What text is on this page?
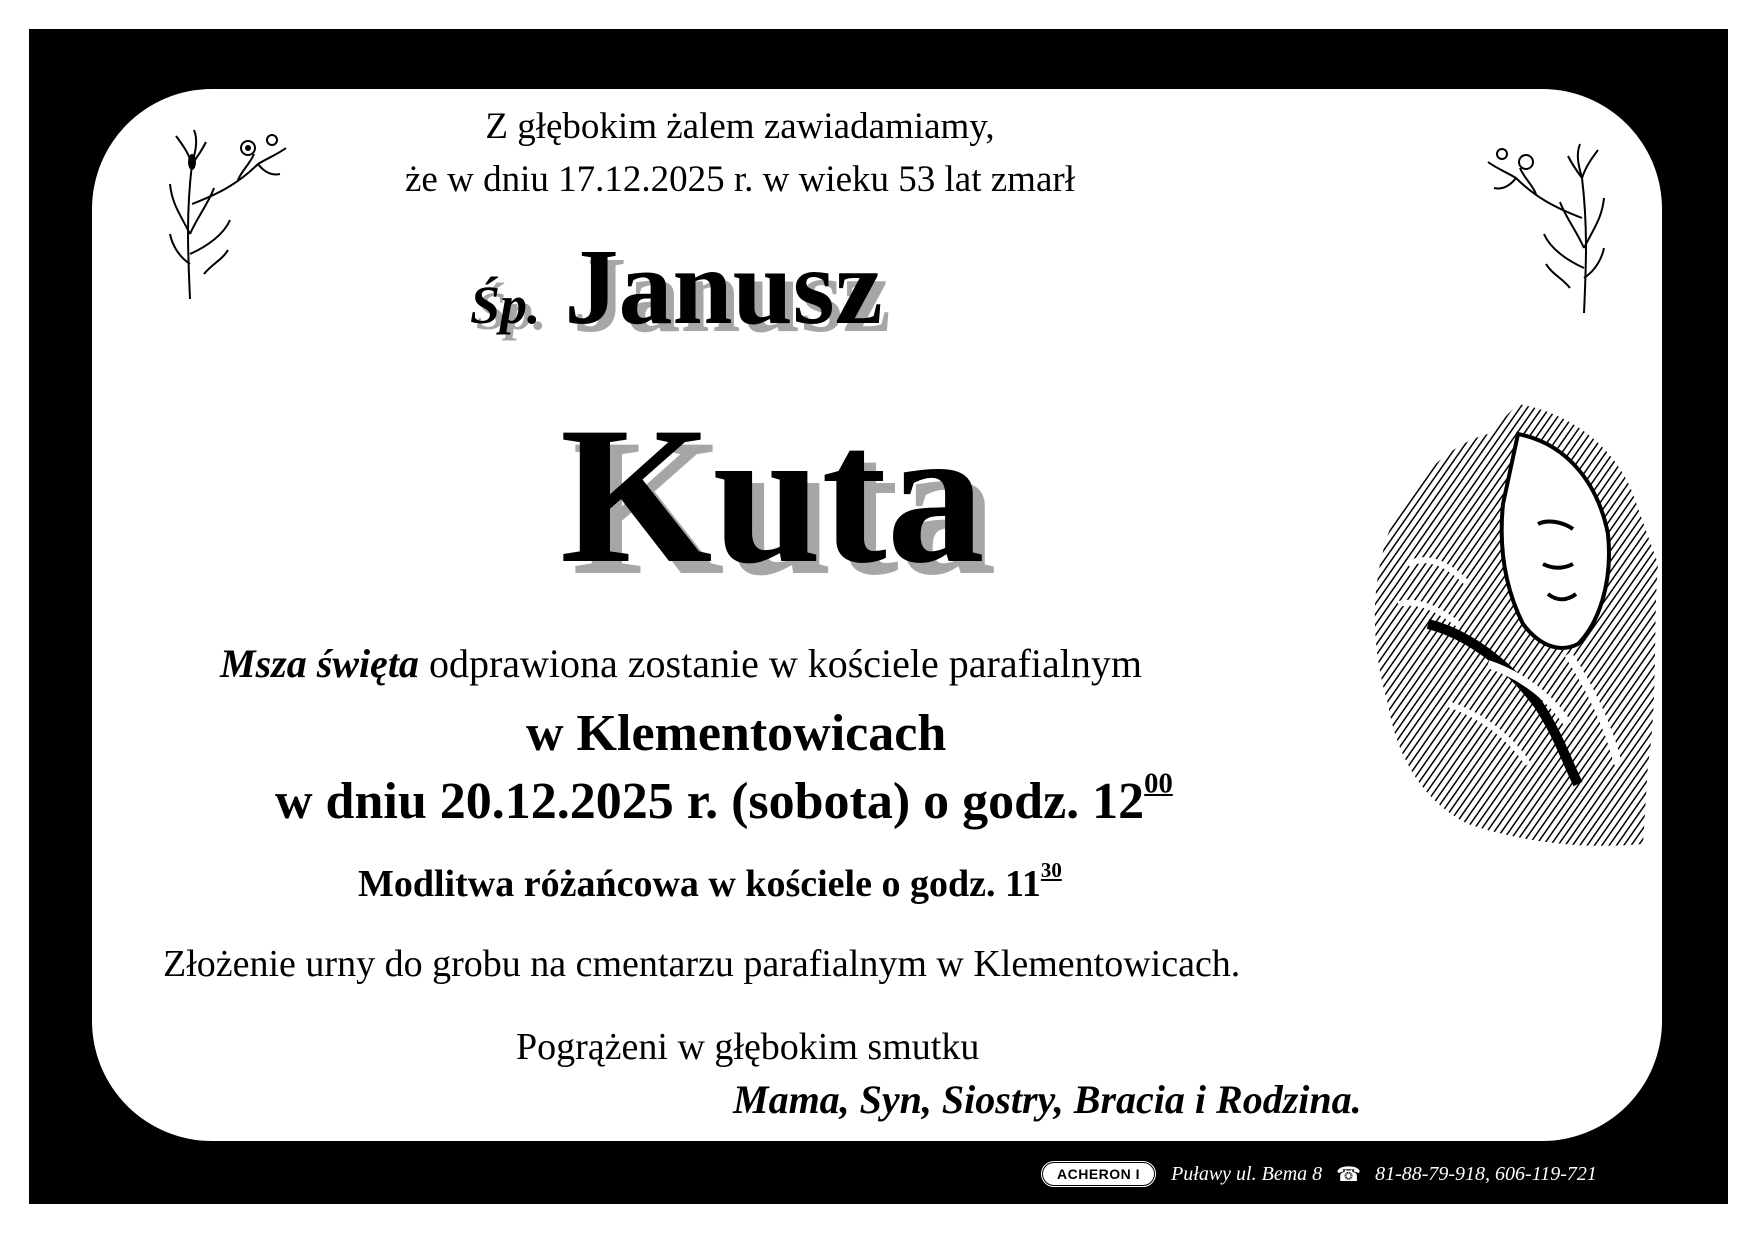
Z głębokim żalem zawiadamiamy,
że w dniu 17.12.2025 r. w wieku 53 lat zmarł
Śp. Janusz
Kuta
Msza święta odprawiona zostanie w kościele parafialnym
w Klementowicach
w dniu 20.12.2025 r. (sobota) o godz. $12^{00}$
Modlitwa różańcowa w kościele o godz. $11^{30}$
Złożenie urny do grobu na cmentarzu parafialnym w Klementowicach.
Pogrążeni w głębokim smutku
Mama, Syn, Siostry, Bracia i Rodzina.
ACHERON I	Puławy ul. Bema 8 ☎ 81-88-79-918, 606-119-721
